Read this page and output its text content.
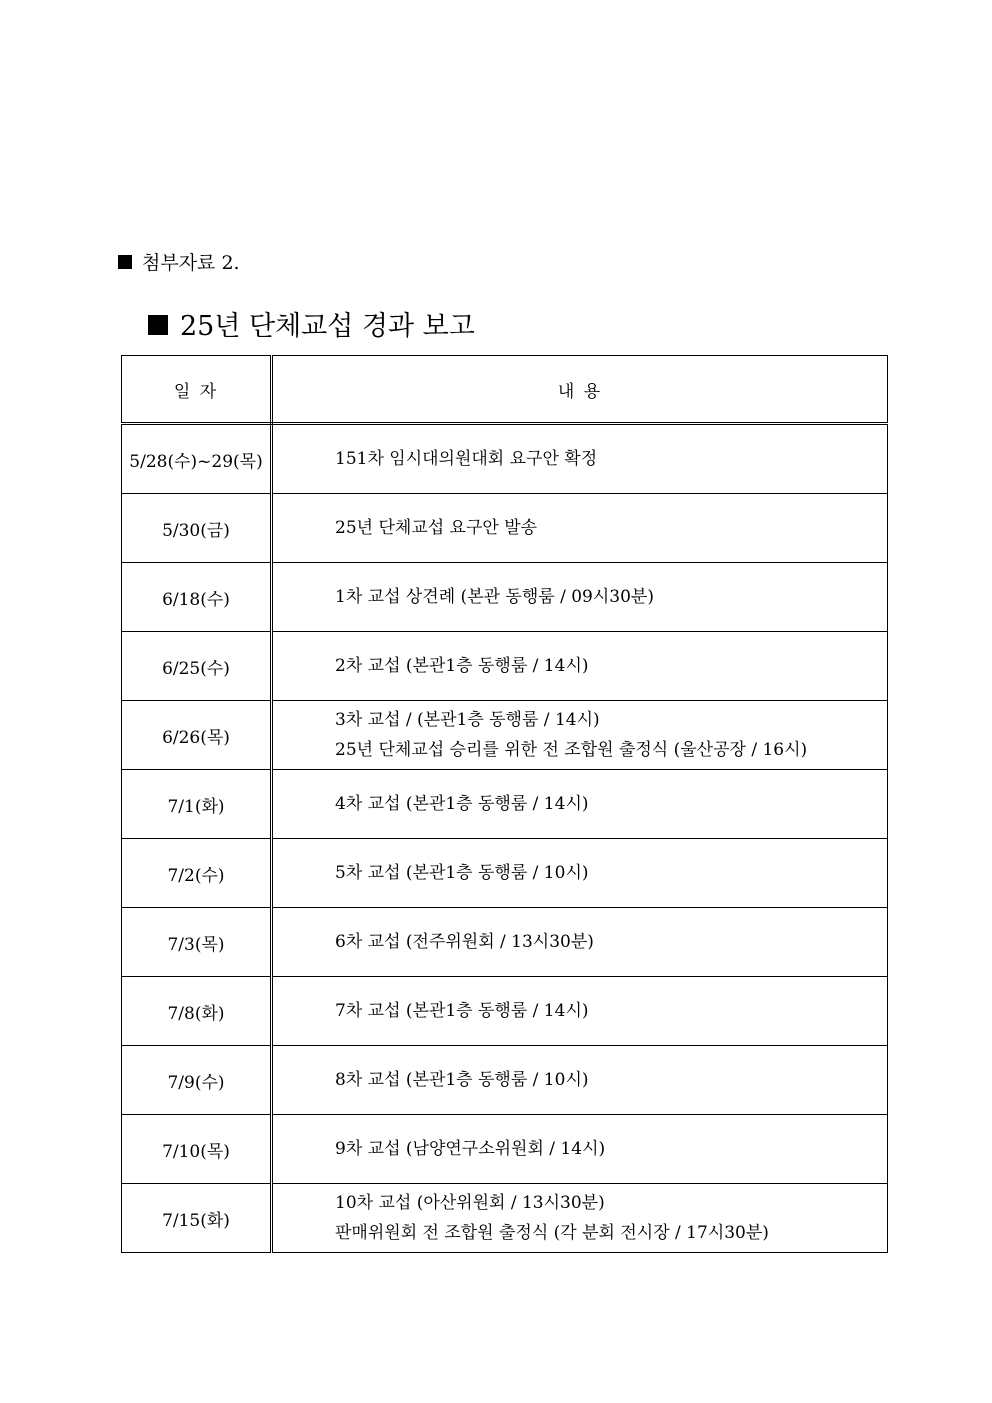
첨부자료 2.
25년 단체교섭 경과 보고
일 자	내 용
5/28(수)~29(목)	151차 임시대의원대회 요구안 확정

5/30(금)	25년 단체교섭 요구안 발송

6/18(수)	1차 교섭 상견례 (본관 동행룸 / 09시30분)

6/25(수)	2차 교섭 (본관1층 동행룸 / 14시)

6/26(목)	3차 교섭 / (본관1층 동행룸 / 14시)
25년 단체교섭 승리를 위한 전 조합원 출정식 (울산공장 / 16시)

7/1(화)	4차 교섭 (본관1층 동행룸 / 14시)

7/2(수)	5차 교섭 (본관1층 동행룸 / 10시)

7/3(목)	6차 교섭 (전주위원회 / 13시30분)

7/8(화)	7차 교섭 (본관1층 동행룸 / 14시)

7/9(수)	8차 교섭 (본관1층 동행룸 / 10시)

7/10(목)	9차 교섭 (남양연구소위원회 / 14시)

7/15(화)	10차 교섭 (아산위원회 / 13시30분)
판매위원회 전 조합원 출정식 (각 분회 전시장 / 17시30분)
